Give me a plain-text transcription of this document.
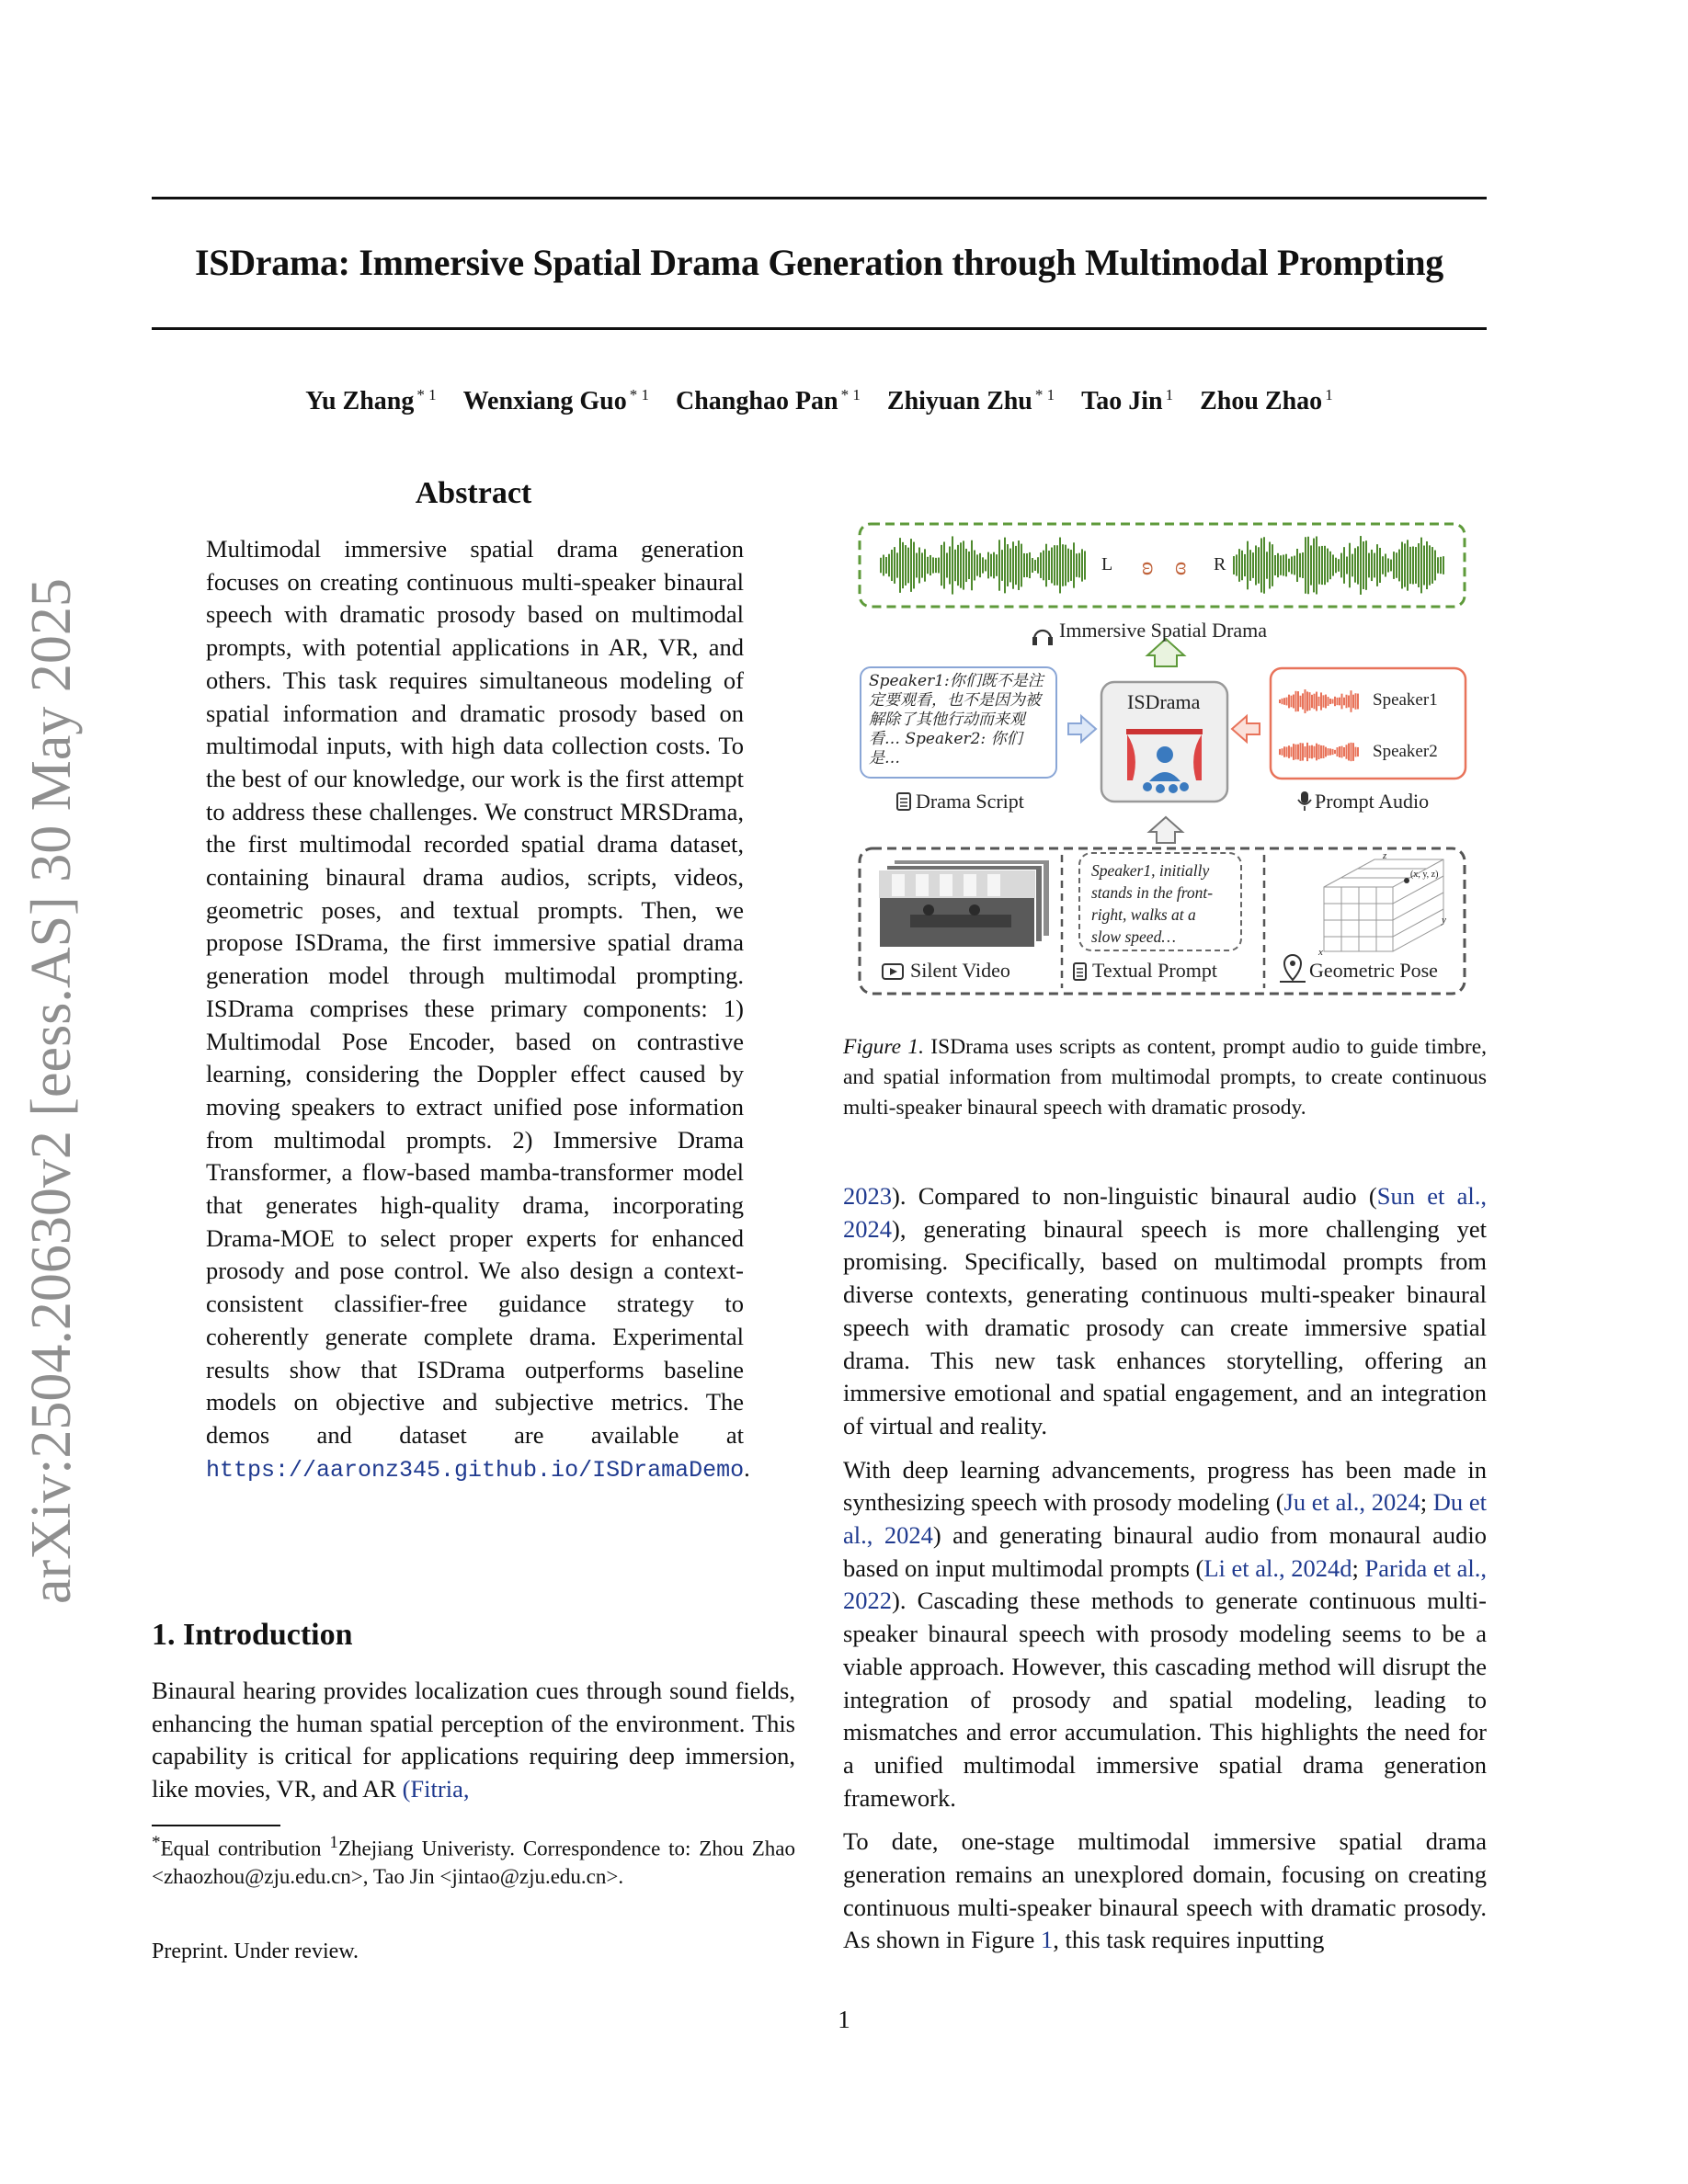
ISDrama: Immersive Spatial Drama Generation through Multimodal Prompting
Yu Zhang $^{* 1}$ Wenxiang Guo $^{* 1}$ Changhao Pan $^{* 1}$ Zhiyuan Zhu $^{* 1}$ Tao Jin $^1$ Zhou Zhao $^1$
arXiv:2504.20630v2 [eess.AS] 30 May 2025
Abstract
Multimodal immersive spatial drama generation focuses on creating continuous multi-speaker binaural speech with dramatic prosody based on multimodal prompts, with potential applications in AR, VR, and others. This task requires simultaneous modeling of spatial information and dramatic prosody based on multimodal inputs, with high data collection costs. To the best of our knowledge, our work is the first attempt to address these challenges. We construct MRSDrama, the first multimodal recorded spatial drama dataset, containing binaural drama audios, scripts, videos, geometric poses, and textual prompts. Then, we propose ISDrama, the first immersive spatial drama generation model through multimodal prompting. ISDrama comprises these primary components: 1) Multimodal Pose Encoder, based on contrastive learning, considering the Doppler effect caused by moving speakers to extract unified pose information from multimodal prompts. 2) Immersive Drama Transformer, a flow-based mamba-transformer model that generates high-quality drama, incorporating Drama-MOE to select proper experts for enhanced prosody and pose control. We also design a context-consistent classifier-free guidance strategy to coherently generate complete drama. Experimental results show that ISDrama outperforms baseline models on objective and subjective metrics. The demos and dataset are available at https://aaronz345.github.io/ISDramaDemo.
1. Introduction

Binaural hearing provides localization cues through sound fields, enhancing the human spatial perception of the environment. This capability is critical for applications requiring deep immersion, like movies, VR, and AR (Fitria,

*Equal contribution $^1$Zhejiang Univeristy. Correspondence to: Zhou Zhao <zhaozhou@zju.edu.cn>, Tao Jin <jintao@zju.edu.cn>.
Preprint. Under review.
1
ʚ ɞ
L	R
Immersive Spatial Drama
ISDrama
Speaker1:你们既不是注定要观看，也不是因为被解除了其他行动而来观看… Speaker2: 你们是…
Drama Script
Speaker1
Speaker2
Prompt Audio
Speaker1, initially stands in the front-right, walks at a slow speed…
Silent Video	Textual Prompt	Geometric Pose
(x, y, z)
z
y
x
Figure 1. ISDrama uses scripts as content, prompt audio to guide timbre, and spatial information from multimodal prompts, to create continuous multi-speaker binaural speech with dramatic prosody.

2023). Compared to non-linguistic binaural audio (Sun et al., 2024), generating binaural speech is more challenging yet promising. Specifically, based on multimodal prompts from diverse contexts, generating continuous multi-speaker binaural speech with dramatic prosody can create immersive spatial drama. This new task enhances storytelling, offering an immersive emotional and spatial engagement, and an integration of virtual and reality.

With deep learning advancements, progress has been made in synthesizing speech with prosody modeling (Ju et al., 2024; Du et al., 2024) and generating binaural audio from monaural audio based on input multimodal prompts (Li et al., 2024d; Parida et al., 2022). Cascading these methods to generate continuous multi-speaker binaural speech with prosody modeling seems to be a viable approach. However, this cascading method will disrupt the integration of prosody and spatial modeling, leading to mismatches and error accumulation. This highlights the need for a unified multimodal immersive spatial drama generation framework.

To date, one-stage multimodal immersive spatial drama generation remains an unexplored domain, focusing on creating continuous multi-speaker binaural speech with dramatic prosody. As shown in Figure 1, this task requires inputting
